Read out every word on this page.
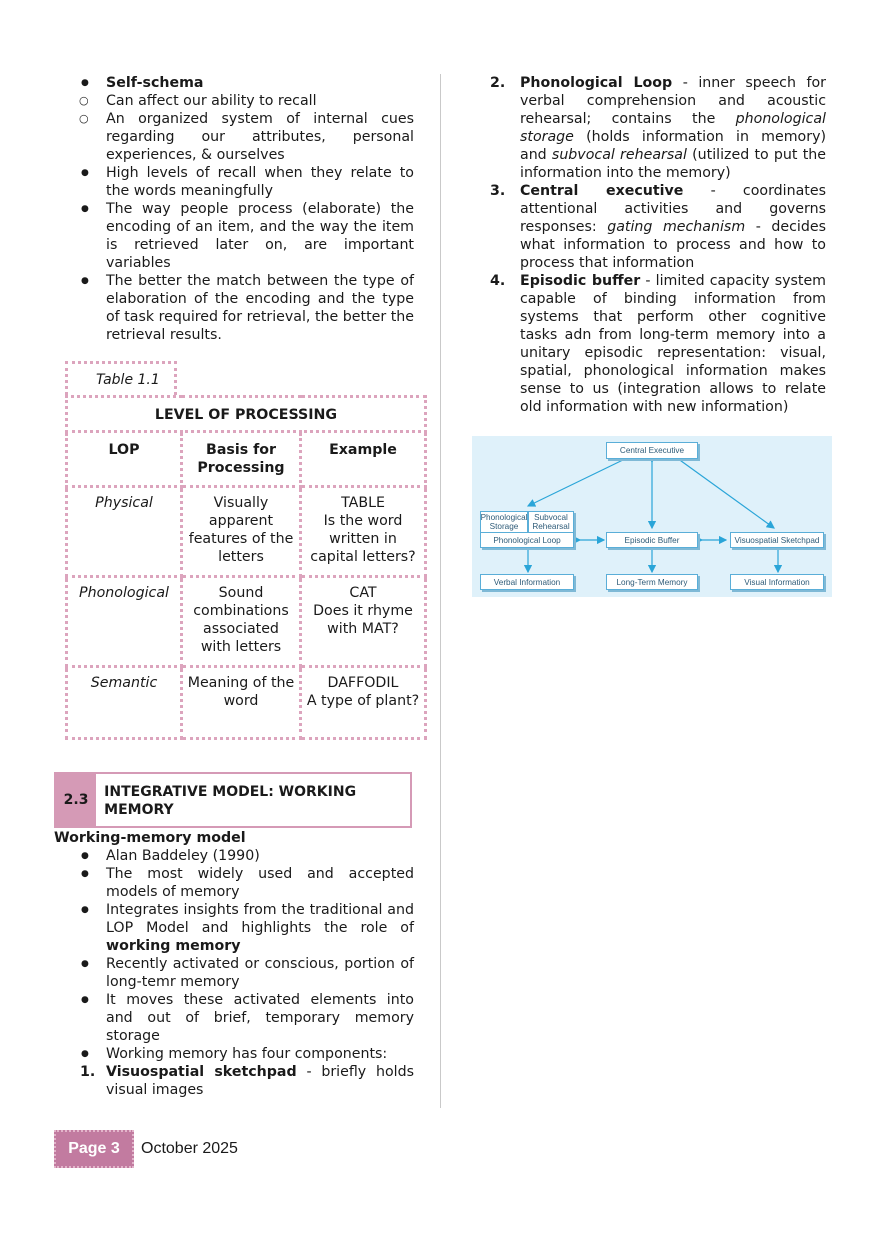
● Self-schema
○ Can affect our ability to recall
○ An organized system of internal cues regarding our attributes, personal experiences, & ourselves
● High levels of recall when they relate to the words meaningfully
● The way people process (elaborate) the encoding of an item, and the way the item is retrieved later on, are important variables
● The better the match between the type of elaboration of the encoding and the type of task required for retrieval, the better the retrieval results.
Table 1.1
LEVEL OF PROCESSING		
LOP	Basis for Processing	Example
Physical	Visually apparent features of the letters	TABLE
Is the word written in capital letters?

Phonological	Sound combinations associated with letters	CAT
Does it rhyme with MAT?

Semantic	Meaning of the word	DAFFODIL
A type of plant?
2.3	INTEGRATIVE MODEL: WORKING MEMORY
Working-memory model
● Alan Baddeley (1990)
● The most widely used and accepted models of memory
● Integrates insights from the traditional and LOP Model and highlights the role of working memory
● Recently activated or conscious, portion of long-temr memory
● It moves these activated elements into and out of brief, temporary memory storage
● Working memory has four components:
1. Visuospatial sketchpad - briefly holds visual images
2. Phonological Loop - inner speech for verbal comprehension and acoustic rehearsal; contains the phonological storage (holds information in memory) and subvocal rehearsal (utilized to put the information into the memory)
3. Central executive - coordinates attentional activities and governs responses: gating mechanism - decides what information to process and how to process that information
4. Episodic buffer - limited capacity system capable of binding information from systems that perform other cognitive tasks adn from long-term memory into a unitary episodic representation: visual, spatial, phonological information makes sense to us (integration allows to relate old information with new information)
Central Executive
Phonological Storage
Subvocal Rehearsal
Phonological Loop	Episodic Buffer	Visuospatial Sketchpad
Verbal Information	Long-Term Memory	Visual Information
Page 3	October 2025
